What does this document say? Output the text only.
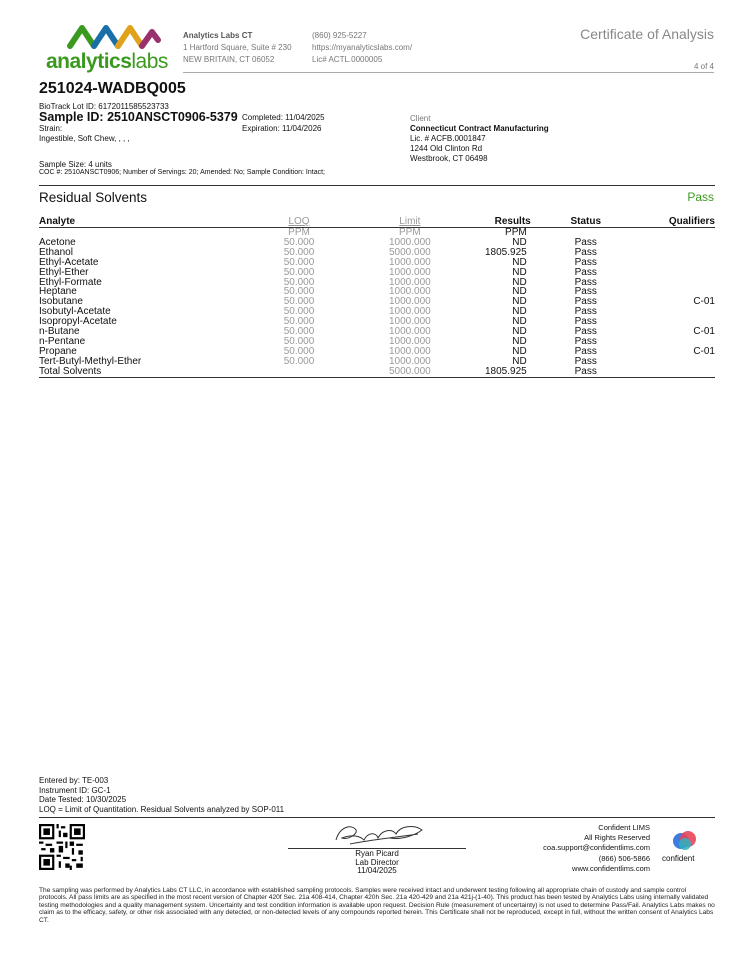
analyticslabs
Analytics Labs CT
1 Hartford Square, Suite # 230
NEW BRITAIN, CT 06052
(860) 925-5227
https://myanalyticslabs.com/
Lic# ACTL.0000005
Certificate of Analysis
4 of 4
251024-WADBQ005
BioTrack Lot ID: 6172011585523733
Sample ID: 2510ANSCT0906-5379
Strain:
Ingestible, Soft Chew, , , ,
Completed: 11/04/2025
Expiration: 11/04/2026
Client
Connecticut Contract Manufacturing
Lic. # ACFB.0001847
1244 Old Clinton Rd
Westbrook, CT 06498
Sample Size: 4 units
COC #: 2510ANSCT0906; Number of Servings: 20; Amended: No; Sample Condition: Intact;
Residual Solvents	Pass
Analyte	LOQ	Limit	Results	Status	Qualifiers
	PPM	PPM	PPM		
Acetone	50.000	1000.000	ND	Pass	
Ethanol	50.000	5000.000	1805.925	Pass	
Ethyl-Acetate	50.000	1000.000	ND	Pass	
Ethyl-Ether	50.000	1000.000	ND	Pass	
Ethyl-Formate	50.000	1000.000	ND	Pass	
Heptane	50.000	1000.000	ND	Pass	
Isobutane	50.000	1000.000	ND	Pass	C-01
Isobutyl-Acetate	50.000	1000.000	ND	Pass	
Isopropyl-Acetate	50.000	1000.000	ND	Pass	
n-Butane	50.000	1000.000	ND	Pass	C-01
n-Pentane	50.000	1000.000	ND	Pass	
Propane	50.000	1000.000	ND	Pass	C-01
Tert-Butyl-Methyl-Ether	50.000	1000.000	ND	Pass	
Total Solvents		5000.000	1805.925	Pass	
Entered by: TE-003
Instrument ID: GC-1
Date Tested: 10/30/2025
LOQ = Limit of Quantitation. Residual Solvents analyzed by SOP-011
Ryan Picard
Lab Director
11/04/2025
Confident LIMS
All Rights Reserved
coa.support@confidentlims.com
(866) 506-5866
www.confidentlims.com
confident
The sampling was performed by Analytics Labs CT LLC, in accordance with established sampling protocols. Samples were received intact and underwent testing following all appropriate chain of custody and sample control protocols. All pass limits are as specified in the most recent version of Chapter 420f Sec. 21a 408-414, Chapter 420h Sec. 21a 420-429 and 21a 421j-(1-40). This product has been tested by Analytics Labs using internally validated testing methodologies and a quality management system. Uncertainty and test condition information is available upon request. Decision Rule (measurement of uncertainty) is not used to determine Pass/Fail. Analytics Labs makes no claim as to the efficacy, safety, or other risk associated with any detected, or non-detected levels of any compounds reported herein. This Certificate shall not be reproduced, except in full, without the written consent of Analytics Labs CT.
